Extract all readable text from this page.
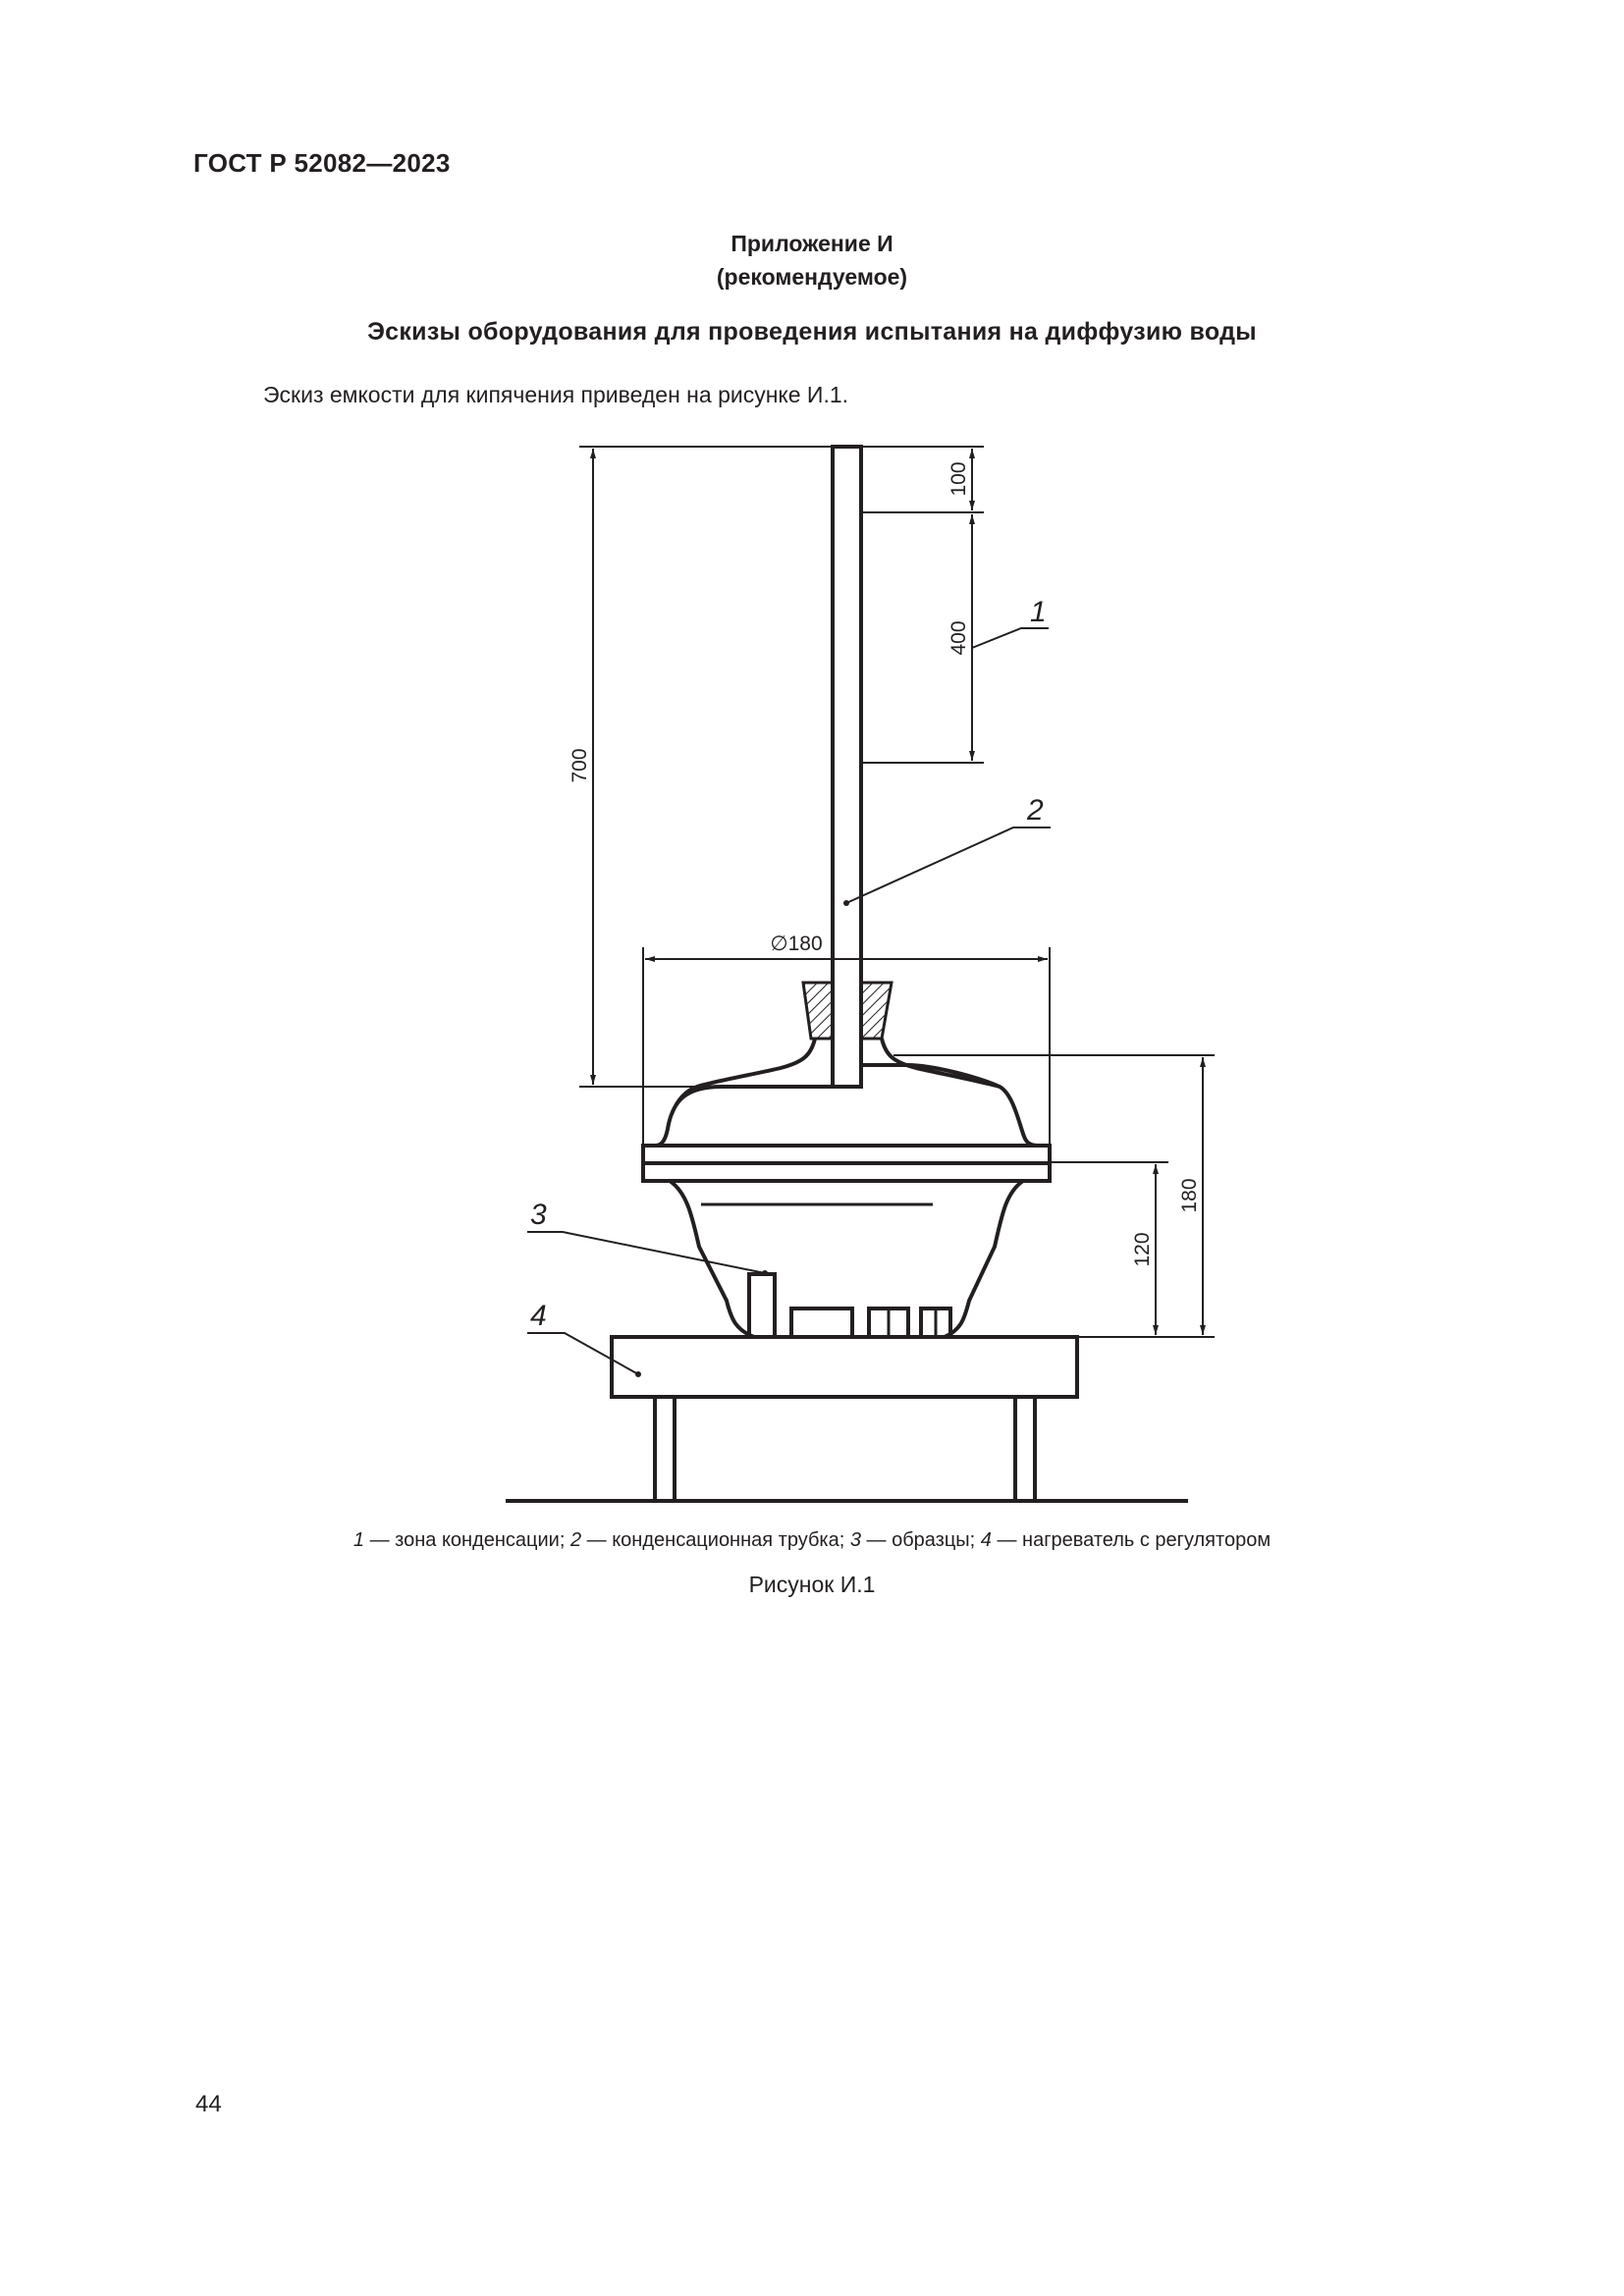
ГОСТ Р 52082—2023
Приложение И
(рекомендуемое)
Эскизы оборудования для проведения испытания на диффузию воды
Эскиз емкости для кипячения приведен на рисунке И.1.
100
400
700
∅180
120
180
1
2
3
4
1 — зона конденсации; 2 — конденсационная трубка; 3 — образцы; 4 — нагреватель с регулятором
Рисунок И.1
44
